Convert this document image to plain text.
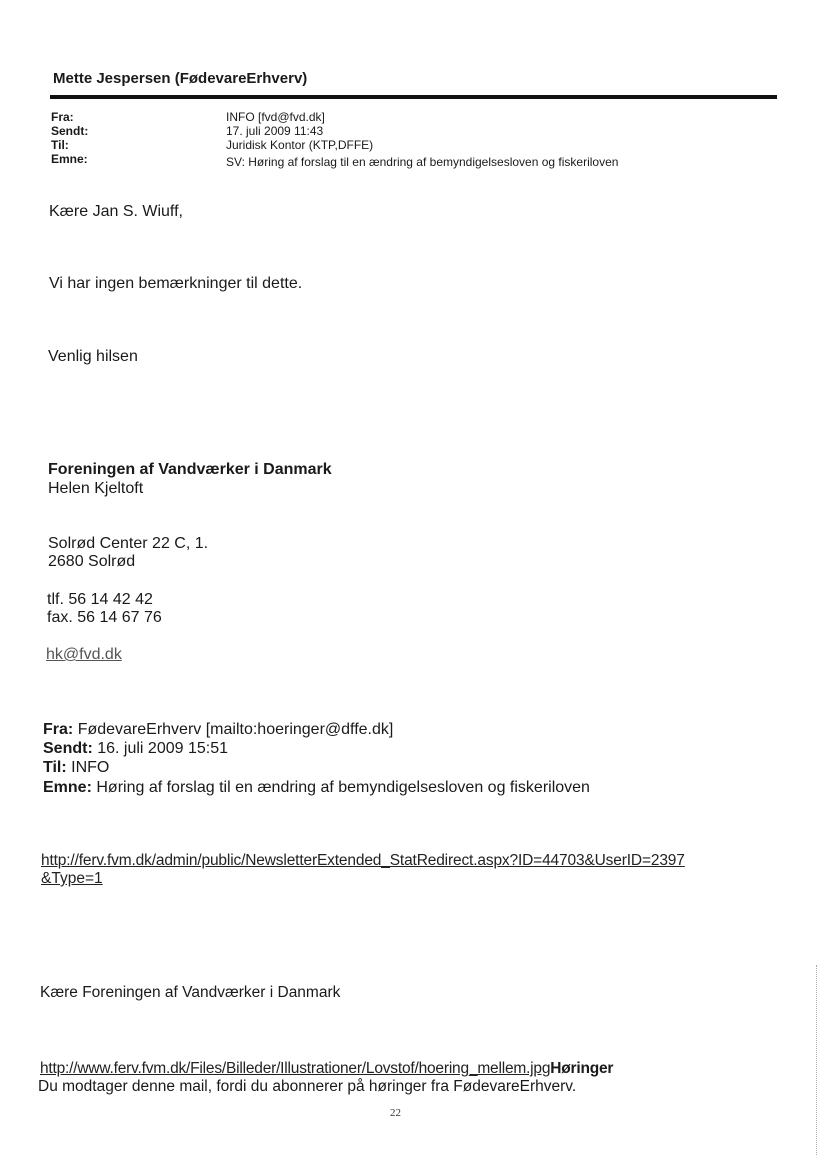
Mette Jespersen (FødevareErhverv)
Fra:	INFO [fvd@fvd.dk]
Sendt:	17. juli 2009 11:43
Til:	Juridisk Kontor (KTP,DFFE)
Emne:	SV: Høring af forslag til en ændring af bemyndigelsesloven og fiskeriloven
Kære Jan S. Wiuff,
Vi har ingen bemærkninger til dette.
Venlig hilsen
Foreningen af Vandværker i Danmark
Helen Kjeltoft
Solrød Center 22 C, 1.
2680 Solrød
tlf. 56 14 42 42
fax. 56 14 67 76
hk@fvd.dk
Fra: FødevareErhverv [mailto:hoeringer@dffe.dk]
Sendt: 16. juli 2009 15:51
Til: INFO
Emne: Høring af forslag til en ændring af bemyndigelsesloven og fiskeriloven
http://ferv.fvm.dk/admin/public/NewsletterExtended_StatRedirect.aspx?ID=44703&UserID=2397
&Type=1
Kære Foreningen af Vandværker i Danmark
http://www.ferv.fvm.dk/Files/Billeder/Illustrationer/Lovstof/hoering_mellem.jpgHøringer
Du modtager denne mail, fordi du abonnerer på høringer fra FødevareErhverv.
22
